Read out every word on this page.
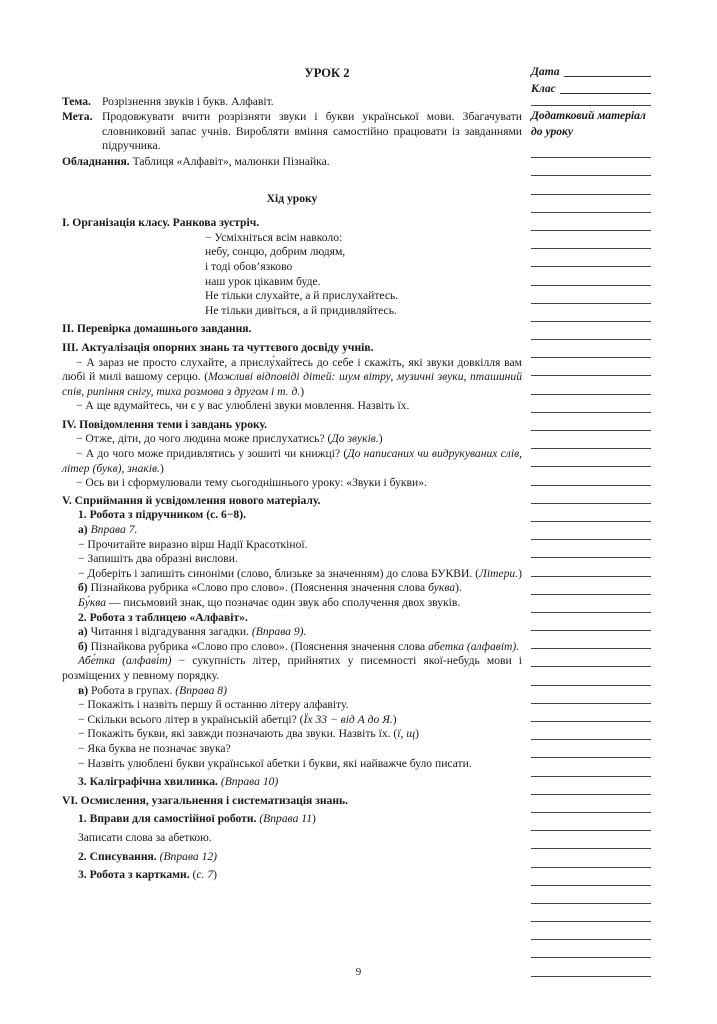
УРОК 2
Тема. Розрізнення звуків і букв. Алфавіт.
Мета. Продовжувати вчити розрізняти звуки і букви української мови. Збагачувати словниковий запас учнів. Виробляти вміння самостійно працювати із завданнями підручника.
Обладнання. Таблиця «Алфавіт», малюнки Пізнайка.
Хід уроку
I. Організація класу. Ранкова зустріч.
− Усміхніться всім навколо:
небу, сонцю, добрим людям,
і тоді обов’язково
наш урок цікавим буде.
Не тільки слухайте, а й прислухайтесь.
Не тільки дивіться, а й придивляйтесь.
II. Перевірка домашнього завдання.
III. Актуалізація опорних знань та чуттєвого досвіду учнів.
− А зараз не просто слухайте, а прислу́хайтесь до себе і скажіть, які звуки довкілля вам любі й милі вашому серцю. (Можливі відповіді дітей: шум вітру, музичні звуки, пташиний спів, рипіння снігу, тиха розмова з другом і т. д.)
− А ще вдумайтесь, чи є у вас улюблені звуки мовлення. Назвіть їх.
IV. Повідомлення теми і завдань уроку.
− Отже, діти, до чого людина може прислухатись? (До звуків.)
− А до чого може придивлятись у зошиті чи книжці? (До написаних чи видрукуваних слів, літер (букв), знаків.)
− Ось ви і сформулювали тему сьогоднішнього уроку: «Звуки і букви».
V. Сприймання й усвідомлення нового матеріалу.
1. Робота з підручником (с. 6−8).
а) Вправа 7.
− Прочитайте виразно вірш Надії Красоткіної.
− Запишіть два образні вислови.
− Доберіть і запишіть синоніми (слово, близьке за значенням) до слова БУКВИ. (Літери.)
б) Пізнайкова рубрика «Слово про слово». (Пояснення значення слова буква).
Бу́ква — письмовий знак, що позначає один звук або сполучення двох звуків.
2. Робота з таблицею «Алфавіт».
а) Читання і відгадування загадки. (Вправа 9).
б) Пізнайкова рубрика «Слово про слово». (Пояснення значення слова абетка (алфавіт).
Абе́тка (алфаві́т) − сукупність літер, прийнятих у писемності якої-небудь мови і розміщених у певному порядку.
в) Робота в групах. (Вправа 8)
− Покажіть і назвіть першу й останню літеру алфавіту.
− Скільки всього літер в українській абетці? (Їх 33 − від А до Я.)
− Покажіть букви, які завжди позначають два звуки. Назвіть їх. (ї, щ)
− Яка буква не позначає звука?
− Назвіть улюблені букви української абетки і букви, які найважче було писати.
3. Каліграфічна хвилинка. (Вправа 10)
VI. Осмислення, узагальнення і систематизація знань.
1. Вправи для самостійної роботи. (Вправа 11)
Записати слова за абеткою.
2. Списування. (Вправа 12)
3. Робота з картками. (с. 7)
Дата
Клас
Додатковий матеріал до уроку
9
